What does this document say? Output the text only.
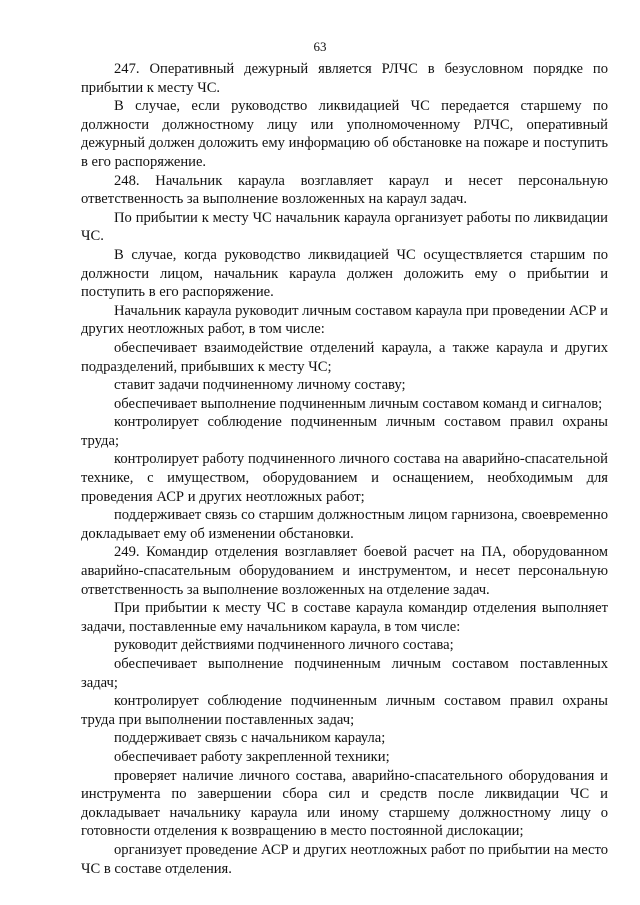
63

247. Оперативный дежурный является РЛЧС в безусловном порядке по прибытии к месту ЧС.

В случае, если руководство ликвидацией ЧС передается старшему по должности должностному лицу или уполномоченному РЛЧС, оперативный дежурный должен доложить ему информацию об обстановке на пожаре и поступить в его распоряжение.

248. Начальник караула возглавляет караул и несет персональную ответственность за выполнение возложенных на караул задач.

По прибытии к месту ЧС начальник караула организует работы по ликвидации ЧС.

В случае, когда руководство ликвидацией ЧС осуществляется старшим по должности лицом, начальник караула должен доложить ему о прибытии и поступить в его распоряжение.

Начальник караула руководит личным составом караула при проведении АСР и других неотложных работ, в том числе:

обеспечивает взаимодействие отделений караула, а также караула и других подразделений, прибывших к месту ЧС;

ставит задачи подчиненному личному составу;

обеспечивает выполнение подчиненным личным составом команд и сигналов;

контролирует соблюдение подчиненным личным составом правил охраны труда;

контролирует работу подчиненного личного состава на аварийно-спасательной технике, с имуществом, оборудованием и оснащением, необходимым для проведения АСР и других неотложных работ;

поддерживает связь со старшим должностным лицом гарнизона, своевременно докладывает ему об изменении обстановки.

249. Командир отделения возглавляет боевой расчет на ПА, оборудованном аварийно-спасательным оборудованием и инструментом, и несет персональную ответственность за выполнение возложенных на отделение задач.

При прибытии к месту ЧС в составе караула командир отделения выполняет задачи, поставленные ему начальником караула, в том числе:

руководит действиями подчиненного личного состава;

обеспечивает выполнение подчиненным личным составом поставленных задач;

контролирует соблюдение подчиненным личным составом правил охраны труда при выполнении поставленных задач;

поддерживает связь с начальником караула;

обеспечивает работу закрепленной техники;

проверяет наличие личного состава, аварийно-спасательного оборудования и инструмента по завершении сбора сил и средств после ликвидации ЧС и докладывает начальнику караула или иному старшему должностному лицу о готовности отделения к возвращению в место постоянной дислокации;

организует проведение АСР и других неотложных работ по прибытии на место ЧС в составе отделения.
